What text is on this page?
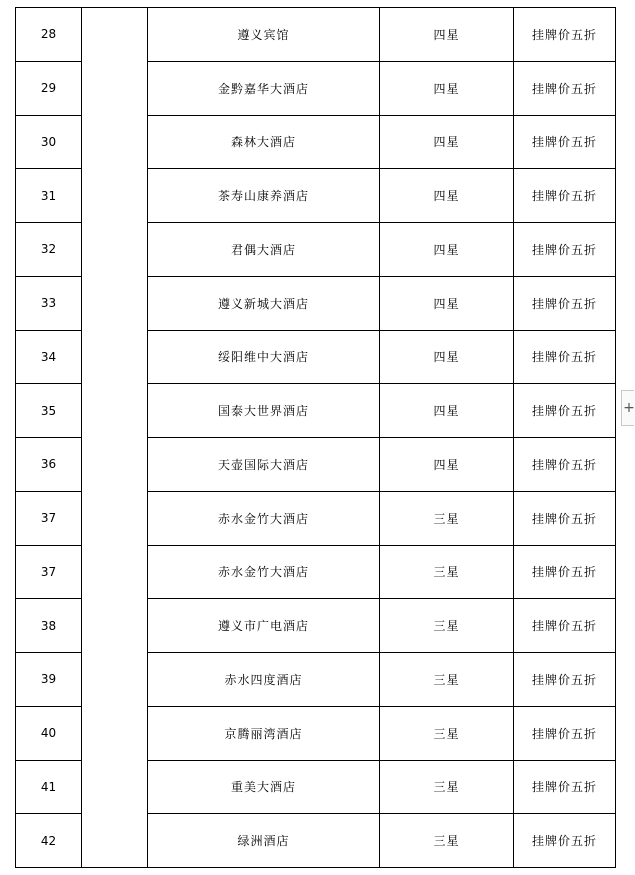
28		遵义宾馆	四星	挂牌价五折
29		金黔嘉华大酒店	四星	挂牌价五折
30		森林大酒店	四星	挂牌价五折
31		茶寿山康养酒店	四星	挂牌价五折
32		君偶大酒店	四星	挂牌价五折
33		遵义新城大酒店	四星	挂牌价五折
34		绥阳维中大酒店	四星	挂牌价五折
35		国泰大世界酒店	四星	挂牌价五折
36		天壶国际大酒店	四星	挂牌价五折
37		赤水金竹大酒店	三星	挂牌价五折
37		赤水金竹大酒店	三星	挂牌价五折
38		遵义市广电酒店	三星	挂牌价五折
39		赤水四度酒店	三星	挂牌价五折
40		京腾丽湾酒店	三星	挂牌价五折
41		重美大酒店	三星	挂牌价五折
42		绿洲酒店	三星	挂牌价五折
+
